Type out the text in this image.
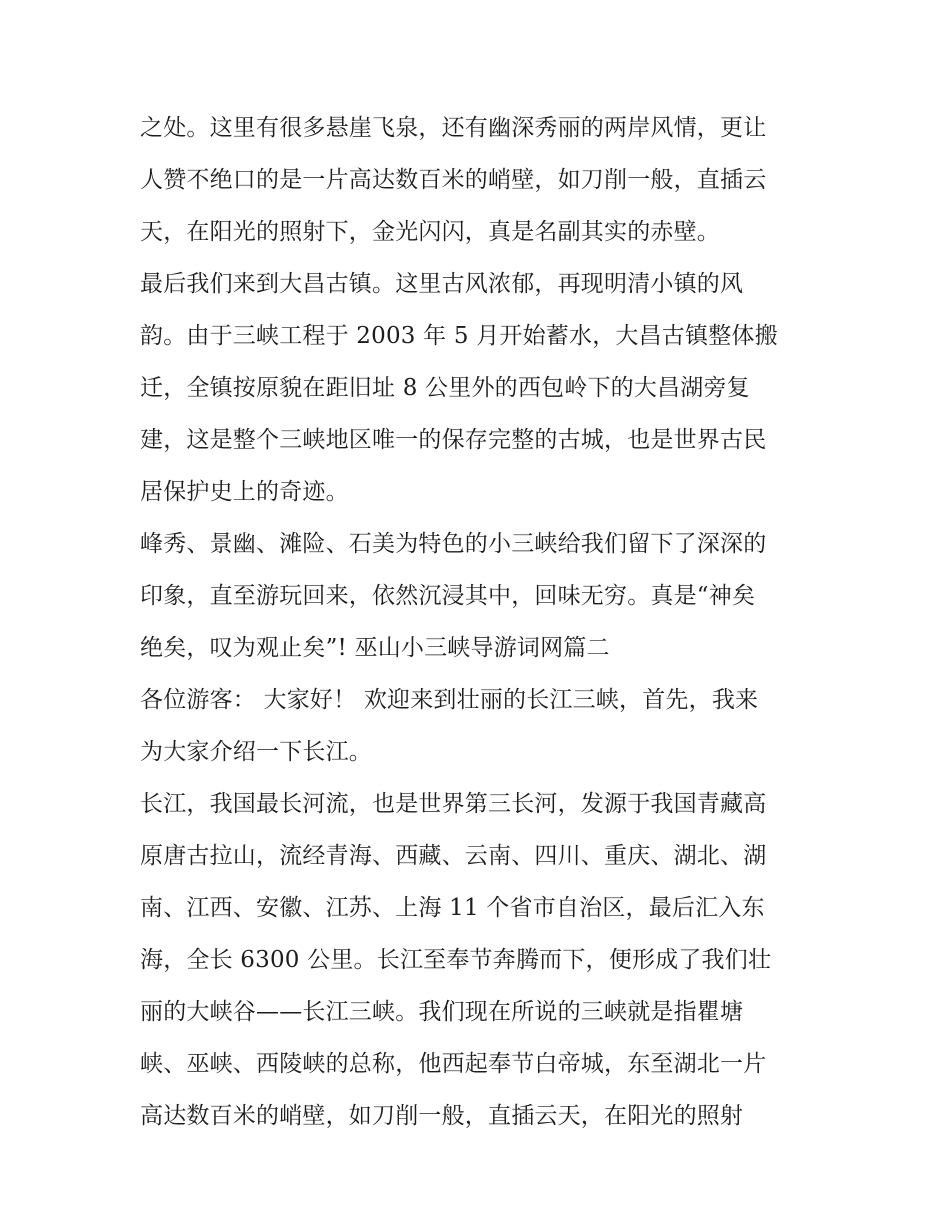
之处。这里有很多悬崖飞泉，还有幽深秀丽的两岸风情，更让
人赞不绝口的是一片高达数百米的峭壁，如刀削一般，直插云
天，在阳光的照射下，金光闪闪，真是名副其实的赤壁。
最后我们来到大昌古镇。这里古风浓郁，再现明清小镇的风
韵。由于三峡工程于 2003 年 5 月开始蓄水，大昌古镇整体搬
迁，全镇按原貌在距旧址 8 公里外的西包岭下的大昌湖旁复
建，这是整个三峡地区唯一的保存完整的古城，也是世界古民
居保护史上的奇迹。
峰秀、景幽、滩险、石美为特色的小三峡给我们留下了深深的
印象，直至游玩回来，依然沉浸其中，回味无穷。真是“神矣
绝矣，叹为观止矣”! 巫山小三峡导游词网篇二
各位游客： 大家好！ 欢迎来到壮丽的长江三峡，首先，我来
为大家介绍一下长江。
长江，我国最长河流，也是世界第三长河，发源于我国青藏高
原唐古拉山，流经青海、西藏、云南、四川、重庆、湖北、湖
南、江西、安徽、江苏、上海 11 个省市自治区，最后汇入东
海，全长 6300 公里。长江至奉节奔腾而下，便形成了我们壮
丽的大峡谷——长江三峡。我们现在所说的三峡就是指瞿塘
峡、巫峡、西陵峡的总称，他西起奉节白帝城，东至湖北一片
高达数百米的峭壁，如刀削一般，直插云天，在阳光的照射
